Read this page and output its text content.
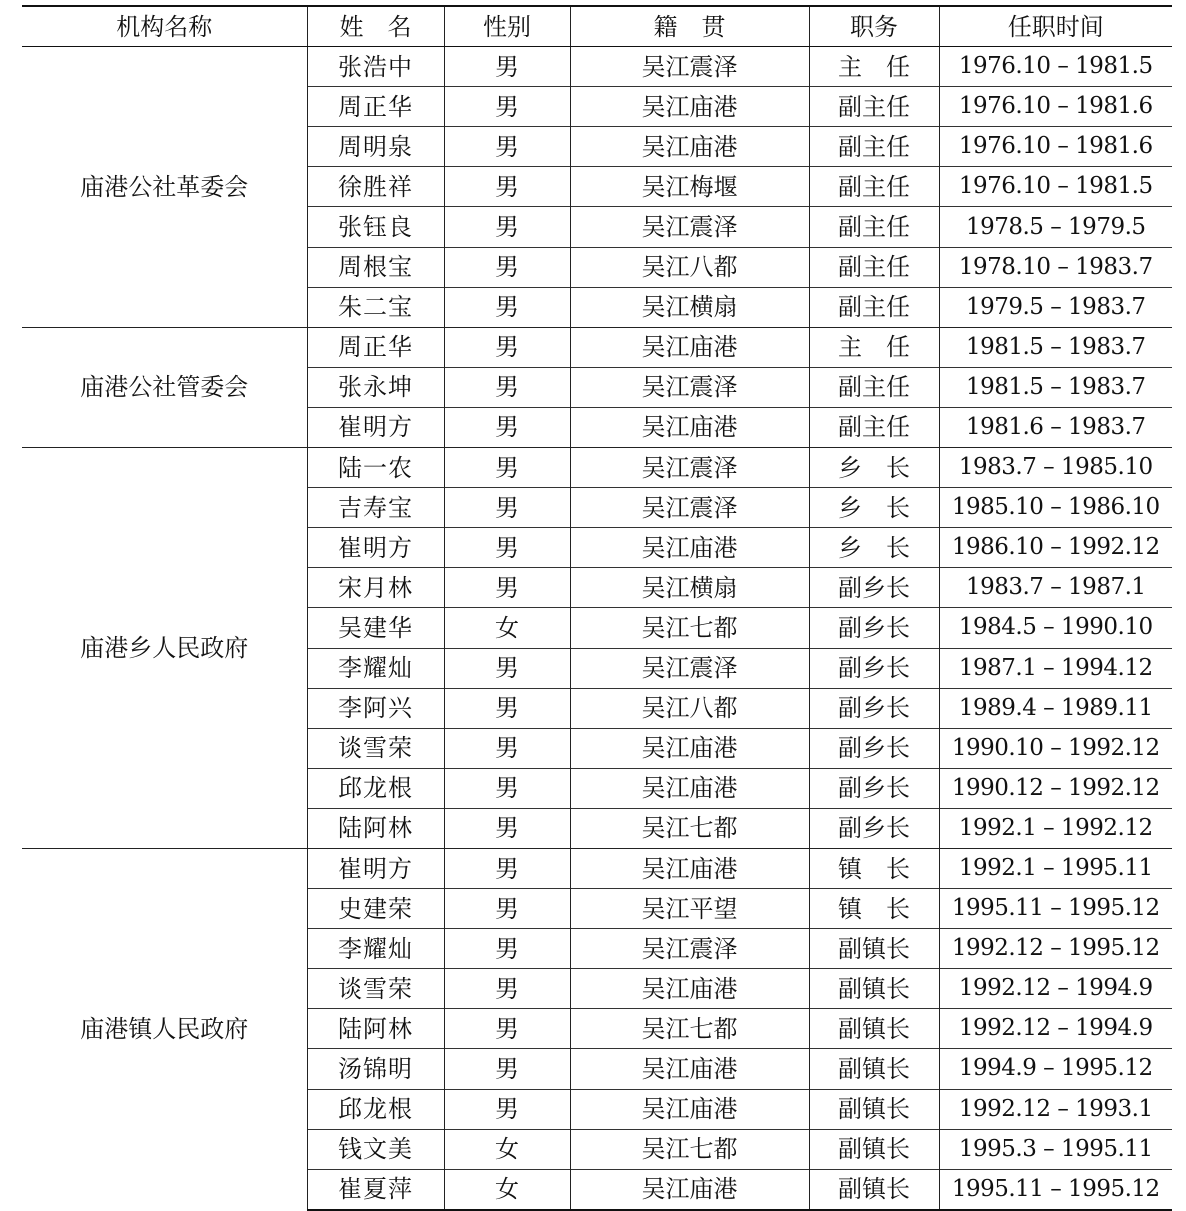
机构名称	姓　名	性别	籍　贯	职务	任职时间
庙港公社革委会	张浩中	男	吴江震泽	主　任	1976.10 – 1981.5
	周正华	男	吴江庙港	副主任	1976.10 – 1981.6
	周明泉	男	吴江庙港	副主任	1976.10 – 1981.6
	徐胜祥	男	吴江梅堰	副主任	1976.10 – 1981.5
	张钰良	男	吴江震泽	副主任	1978.5 – 1979.5
	周根宝	男	吴江八都	副主任	1978.10 – 1983.7
	朱二宝	男	吴江横扇	副主任	1979.5 – 1983.7
庙港公社管委会	周正华	男	吴江庙港	主　任	1981.5 – 1983.7
	张永坤	男	吴江震泽	副主任	1981.5 – 1983.7
	崔明方	男	吴江庙港	副主任	1981.6 – 1983.7
庙港乡人民政府	陆一农	男	吴江震泽	乡　长	1983.7 – 1985.10
	吉寿宝	男	吴江震泽	乡　长	1985.10 – 1986.10
	崔明方	男	吴江庙港	乡　长	1986.10 – 1992.12
	宋月林	男	吴江横扇	副乡长	1983.7 – 1987.1
	吴建华	女	吴江七都	副乡长	1984.5 – 1990.10
	李耀灿	男	吴江震泽	副乡长	1987.1 – 1994.12
	李阿兴	男	吴江八都	副乡长	1989.4 – 1989.11
	谈雪荣	男	吴江庙港	副乡长	1990.10 – 1992.12
	邱龙根	男	吴江庙港	副乡长	1990.12 – 1992.12
	陆阿林	男	吴江七都	副乡长	1992.1 – 1992.12
庙港镇人民政府	崔明方	男	吴江庙港	镇　长	1992.1 – 1995.11
	史建荣	男	吴江平望	镇　长	1995.11 – 1995.12
	李耀灿	男	吴江震泽	副镇长	1992.12 – 1995.12
	谈雪荣	男	吴江庙港	副镇长	1992.12 – 1994.9
	陆阿林	男	吴江七都	副镇长	1992.12 – 1994.9
	汤锦明	男	吴江庙港	副镇长	1994.9 – 1995.12
	邱龙根	男	吴江庙港	副镇长	1992.12 – 1993.1
	钱文美	女	吴江七都	副镇长	1995.3 – 1995.11
	崔夏萍	女	吴江庙港	副镇长	1995.11 – 1995.12
